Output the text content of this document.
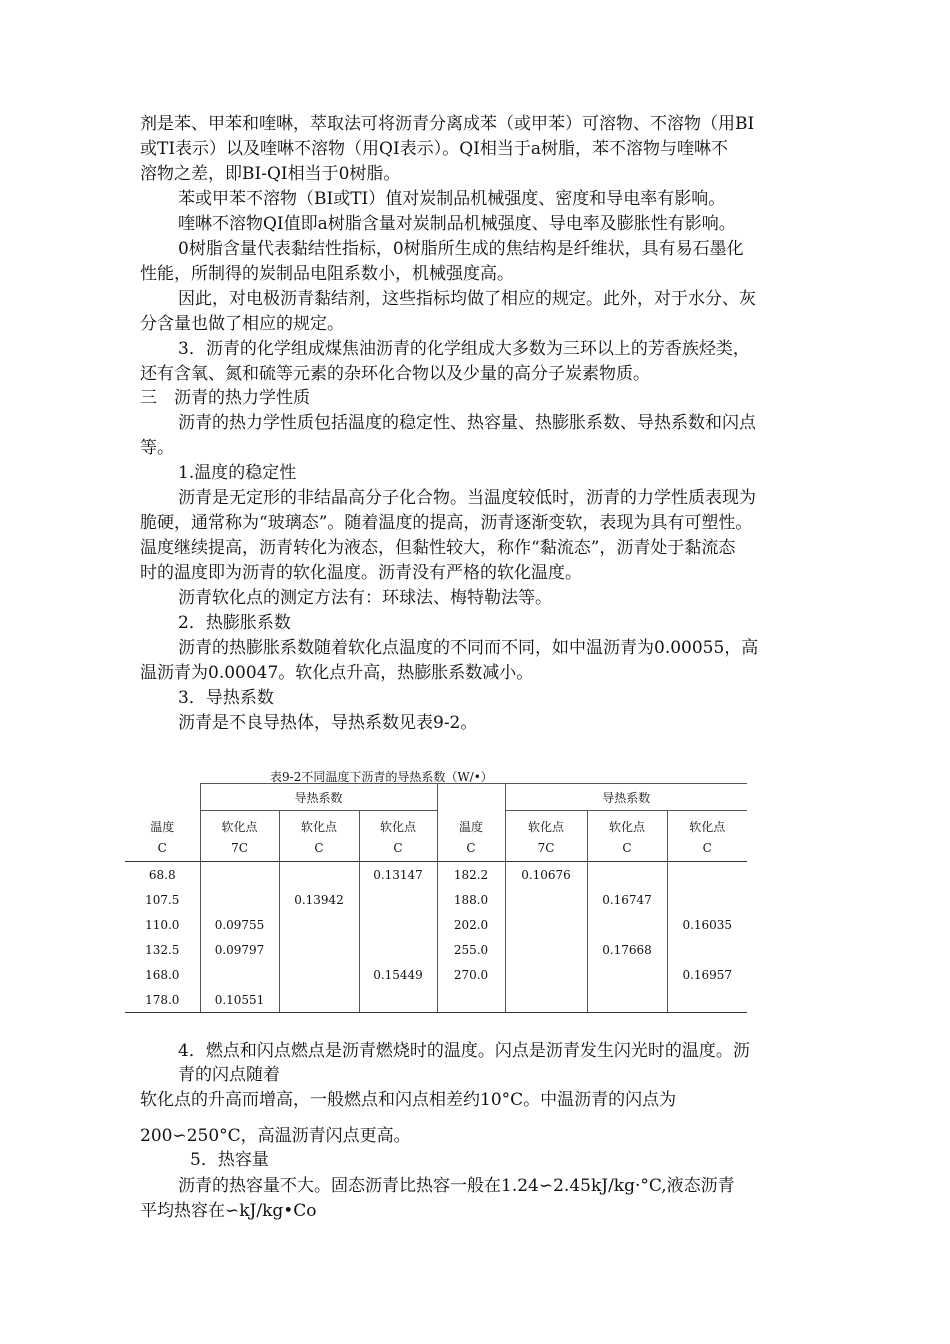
剂是苯、甲苯和喹啉，萃取法可将沥青分离成苯（或甲苯）可溶物、不溶物（用BI

或TI表示）以及喹啉不溶物（用QI表示）。QI相当于a树脂，苯不溶物与喹啉不

溶物之差，即BI-QI相当于0树脂。

苯或甲苯不溶物（BI或TI）值对炭制品机械强度、密度和导电率有影响。

喹啉不溶物QI值即a树脂含量对炭制品机械强度、导电率及膨胀性有影响。

0树脂含量代表黏结性指标，0树脂所生成的焦结构是纤维状，具有易石墨化

性能，所制得的炭制品电阻系数小，机械强度高。

因此，对电极沥青黏结剂，这些指标均做了相应的规定。此外，对于水分、灰

分含量也做了相应的规定。

3．沥青的化学组成煤焦油沥青的化学组成大多数为三环以上的芳香族烃类，

还有含氧、氮和硫等元素的杂环化合物以及少量的高分子炭素物质。

三　沥青的热力学性质

沥青的热力学性质包括温度的稳定性、热容量、热膨胀系数、导热系数和闪点

等。

1.温度的稳定性

沥青是无定形的非结晶高分子化合物。当温度较低时，沥青的力学性质表现为

脆硬，通常称为“玻璃态”。随着温度的提高，沥青逐渐变软，表现为具有可塑性。

温度继续提高，沥青转化为液态，但黏性较大，称作“黏流态”，沥青处于黏流态

时的温度即为沥青的软化温度。沥青没有严格的软化温度。

沥青软化点的测定方法有：环球法、梅特勒法等。

2．热膨胀系数

沥青的热膨胀系数随着软化点温度的不同而不同，如中温沥青为0.00055，高

温沥青为0.00047。软化点升高，热膨胀系数减小。

3．导热系数

沥青是不良导热体，导热系数见表9-2。

表9-2不同温度下沥青的导热系数（W/•）
	导热系数				导热系数		
温度	软化点	软化点	软化点	温度	软化点	软化点	软化点
C	7C	C	C	C	7C	C	C
68.8			0.13147	182.2	0.10676		
107.5		0.13942		188.0		0.16747	
110.0	0.09755			202.0			0.16035
132.5	0.09797			255.0		0.17668	
168.0			0.15449	270.0			0.16957
178.0	0.10551						

4．燃点和闪点燃点是沥青燃烧时的温度。闪点是沥青发生闪光时的温度。沥

青的闪点随着

软化点的升高而增高，一般燃点和闪点相差约10°C。中温沥青的闪点为

200∽250°C，高温沥青闪点更高。

5．热容量

沥青的热容量不大。固态沥青比热容一般在1.24∽2.45kJ/kg·°C,液态沥青

平均热容在∽kJ/kg•Co
